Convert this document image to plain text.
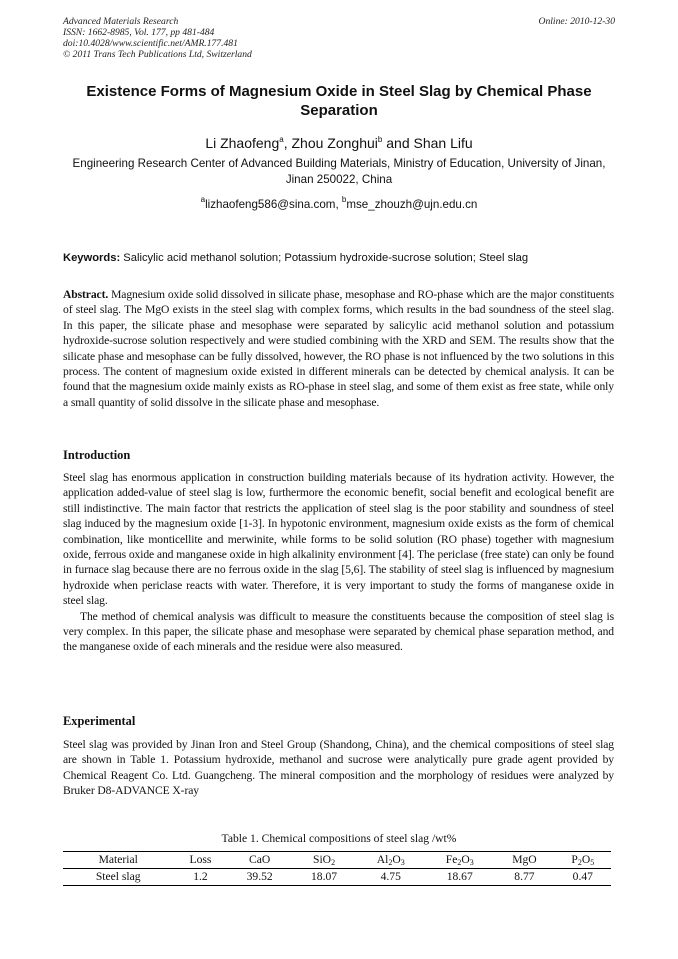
Advanced Materials Research
ISSN: 1662-8985, Vol. 177, pp 481-484
doi:10.4028/www.scientific.net/AMR.177.481
© 2011 Trans Tech Publications Ltd, Switzerland
Online: 2010-12-30
Existence Forms of Magnesium Oxide in Steel Slag by Chemical Phase Separation
Li Zhaofeng$^a$, Zhou Zonghui$^b$ and Shan Lifu
Engineering Research Center of Advanced Building Materials, Ministry of Education, University of Jinan, Jinan 250022, China
$^a$lizhaofeng586@sina.com, $^b$mse_zhouzh@ujn.edu.cn
Keywords: Salicylic acid methanol solution; Potassium hydroxide-sucrose solution; Steel slag
Abstract. Magnesium oxide solid dissolved in silicate phase, mesophase and RO-phase which are the major constituents of steel slag. The MgO exists in the steel slag with complex forms, which results in the bad soundness of the steel slag. In this paper, the silicate phase and mesophase were separated by salicylic acid methanol solution and potassium hydroxide-sucrose solution respectively and were studied combining with the XRD and SEM. The results show that the silicate phase and mesophase can be fully dissolved, however, the RO phase is not influenced by the two solutions in this process. The content of magnesium oxide existed in different minerals can be detected by chemical analysis. It can be found that the magnesium oxide mainly exists as RO-phase in steel slag, and some of them exist as free state, while only a small quantity of solid dissolve in the silicate phase and mesophase.
Introduction

Steel slag has enormous application in construction building materials because of its hydration activity. However, the application added-value of steel slag is low, furthermore the economic benefit, social benefit and ecological benefit are still indistinctive. The main factor that restricts the application of steel slag is the poor stability and soundness of steel slag induced by the magnesium oxide [1-3]. In hypotonic environment, magnesium oxide exists as the form of chemical combination, like monticellite and merwinite, while forms to be solid solution (RO phase) together with magnesium oxide, ferrous oxide and manganese oxide in high alkalinity environment [4]. The periclase (free state) can only be found in furnace slag because there are no ferrous oxide in the slag [5,6]. The stability of steel slag is influenced by magnesium hydroxide when periclase reacts with water. Therefore, it is very important to study the forms of manganese oxide in steel slag.

The method of chemical analysis was difficult to measure the constituents because the composition of steel slag is very complex. In this paper, the silicate phase and mesophase were separated by chemical phase separation method, and the manganese oxide of each minerals and the residue were also measured.

Experimental

Steel slag was provided by Jinan Iron and Steel Group (Shandong, China), and the chemical compositions of steel slag are shown in Table 1. Potassium hydroxide, methanol and sucrose were analytically pure grade agent provided by Chemical Reagent Co. Ltd. Guangcheng. The mineral composition and the morphology of residues were analyzed by Bruker D8-ADVANCE X-ray

Table 1. Chemical compositions of steel slag /wt%
Material	Loss	CaO	SiO$_2$	$Al_2O_3$	$Fe_2O_3$	MgO	$P_2O_5$
Steel slag	1.2	39.52	18.07	4.75	18.67	8.77	0.47
